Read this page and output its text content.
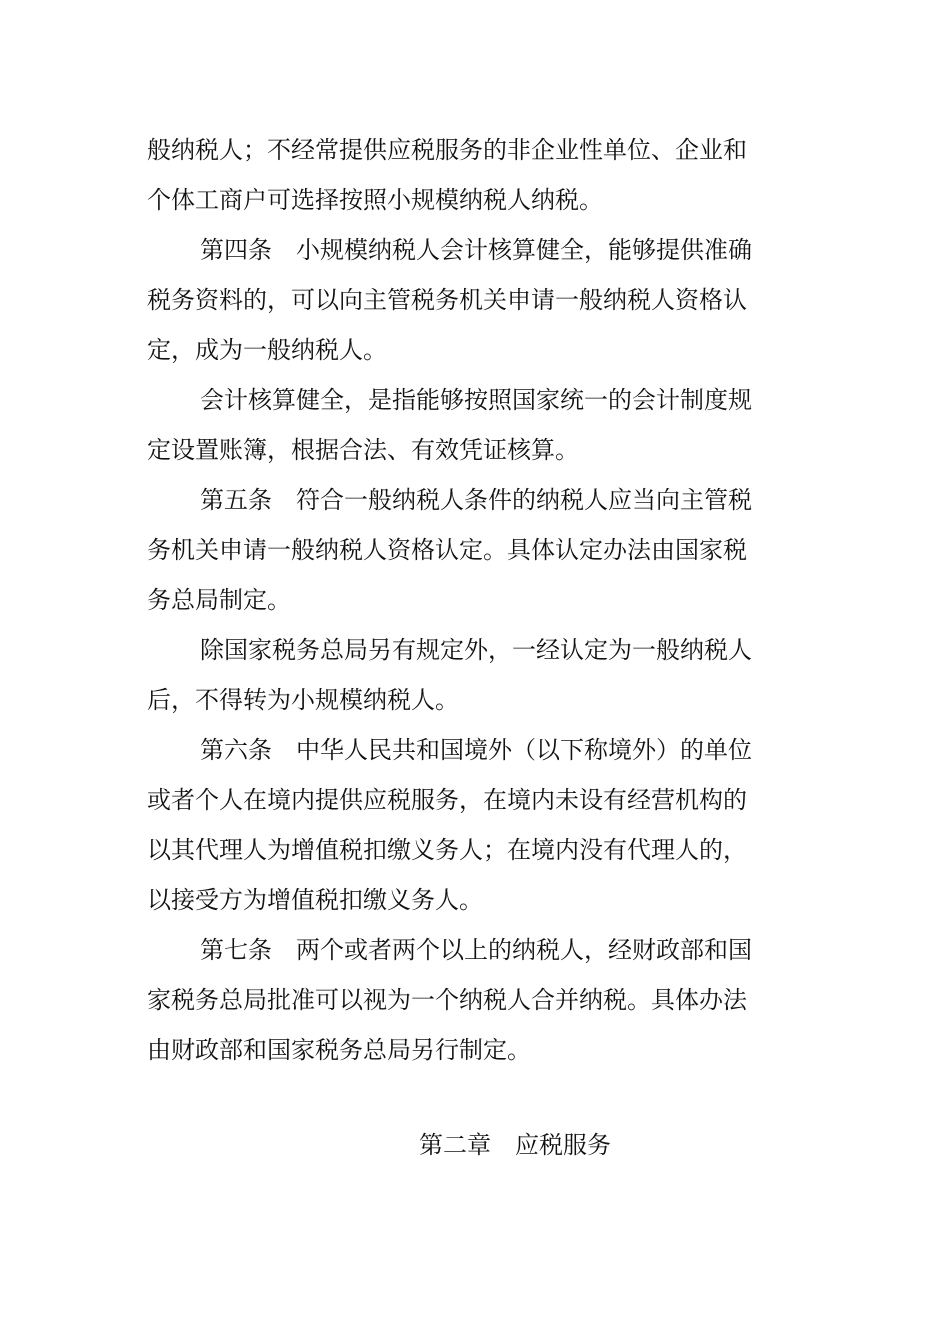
般纳税人；不经常提供应税服务的非企业性单位、企业和
个体工商户可选择按照小规模纳税人纳税。
第四条　小规模纳税人会计核算健全，能够提供准确
税务资料的，可以向主管税务机关申请一般纳税人资格认
定，成为一般纳税人。
会计核算健全，是指能够按照国家统一的会计制度规
定设置账簿，根据合法、有效凭证核算。
第五条　符合一般纳税人条件的纳税人应当向主管税
务机关申请一般纳税人资格认定。具体认定办法由国家税
务总局制定。
除国家税务总局另有规定外，一经认定为一般纳税人
后，不得转为小规模纳税人。
第六条　中华人民共和国境外（以下称境外）的单位
或者个人在境内提供应税服务，在境内未设有经营机构的
以其代理人为增值税扣缴义务人；在境内没有代理人的，
以接受方为增值税扣缴义务人。
第七条　两个或者两个以上的纳税人，经财政部和国
家税务总局批准可以视为一个纳税人合并纳税。具体办法
由财政部和国家税务总局另行制定。
第二章　应税服务
